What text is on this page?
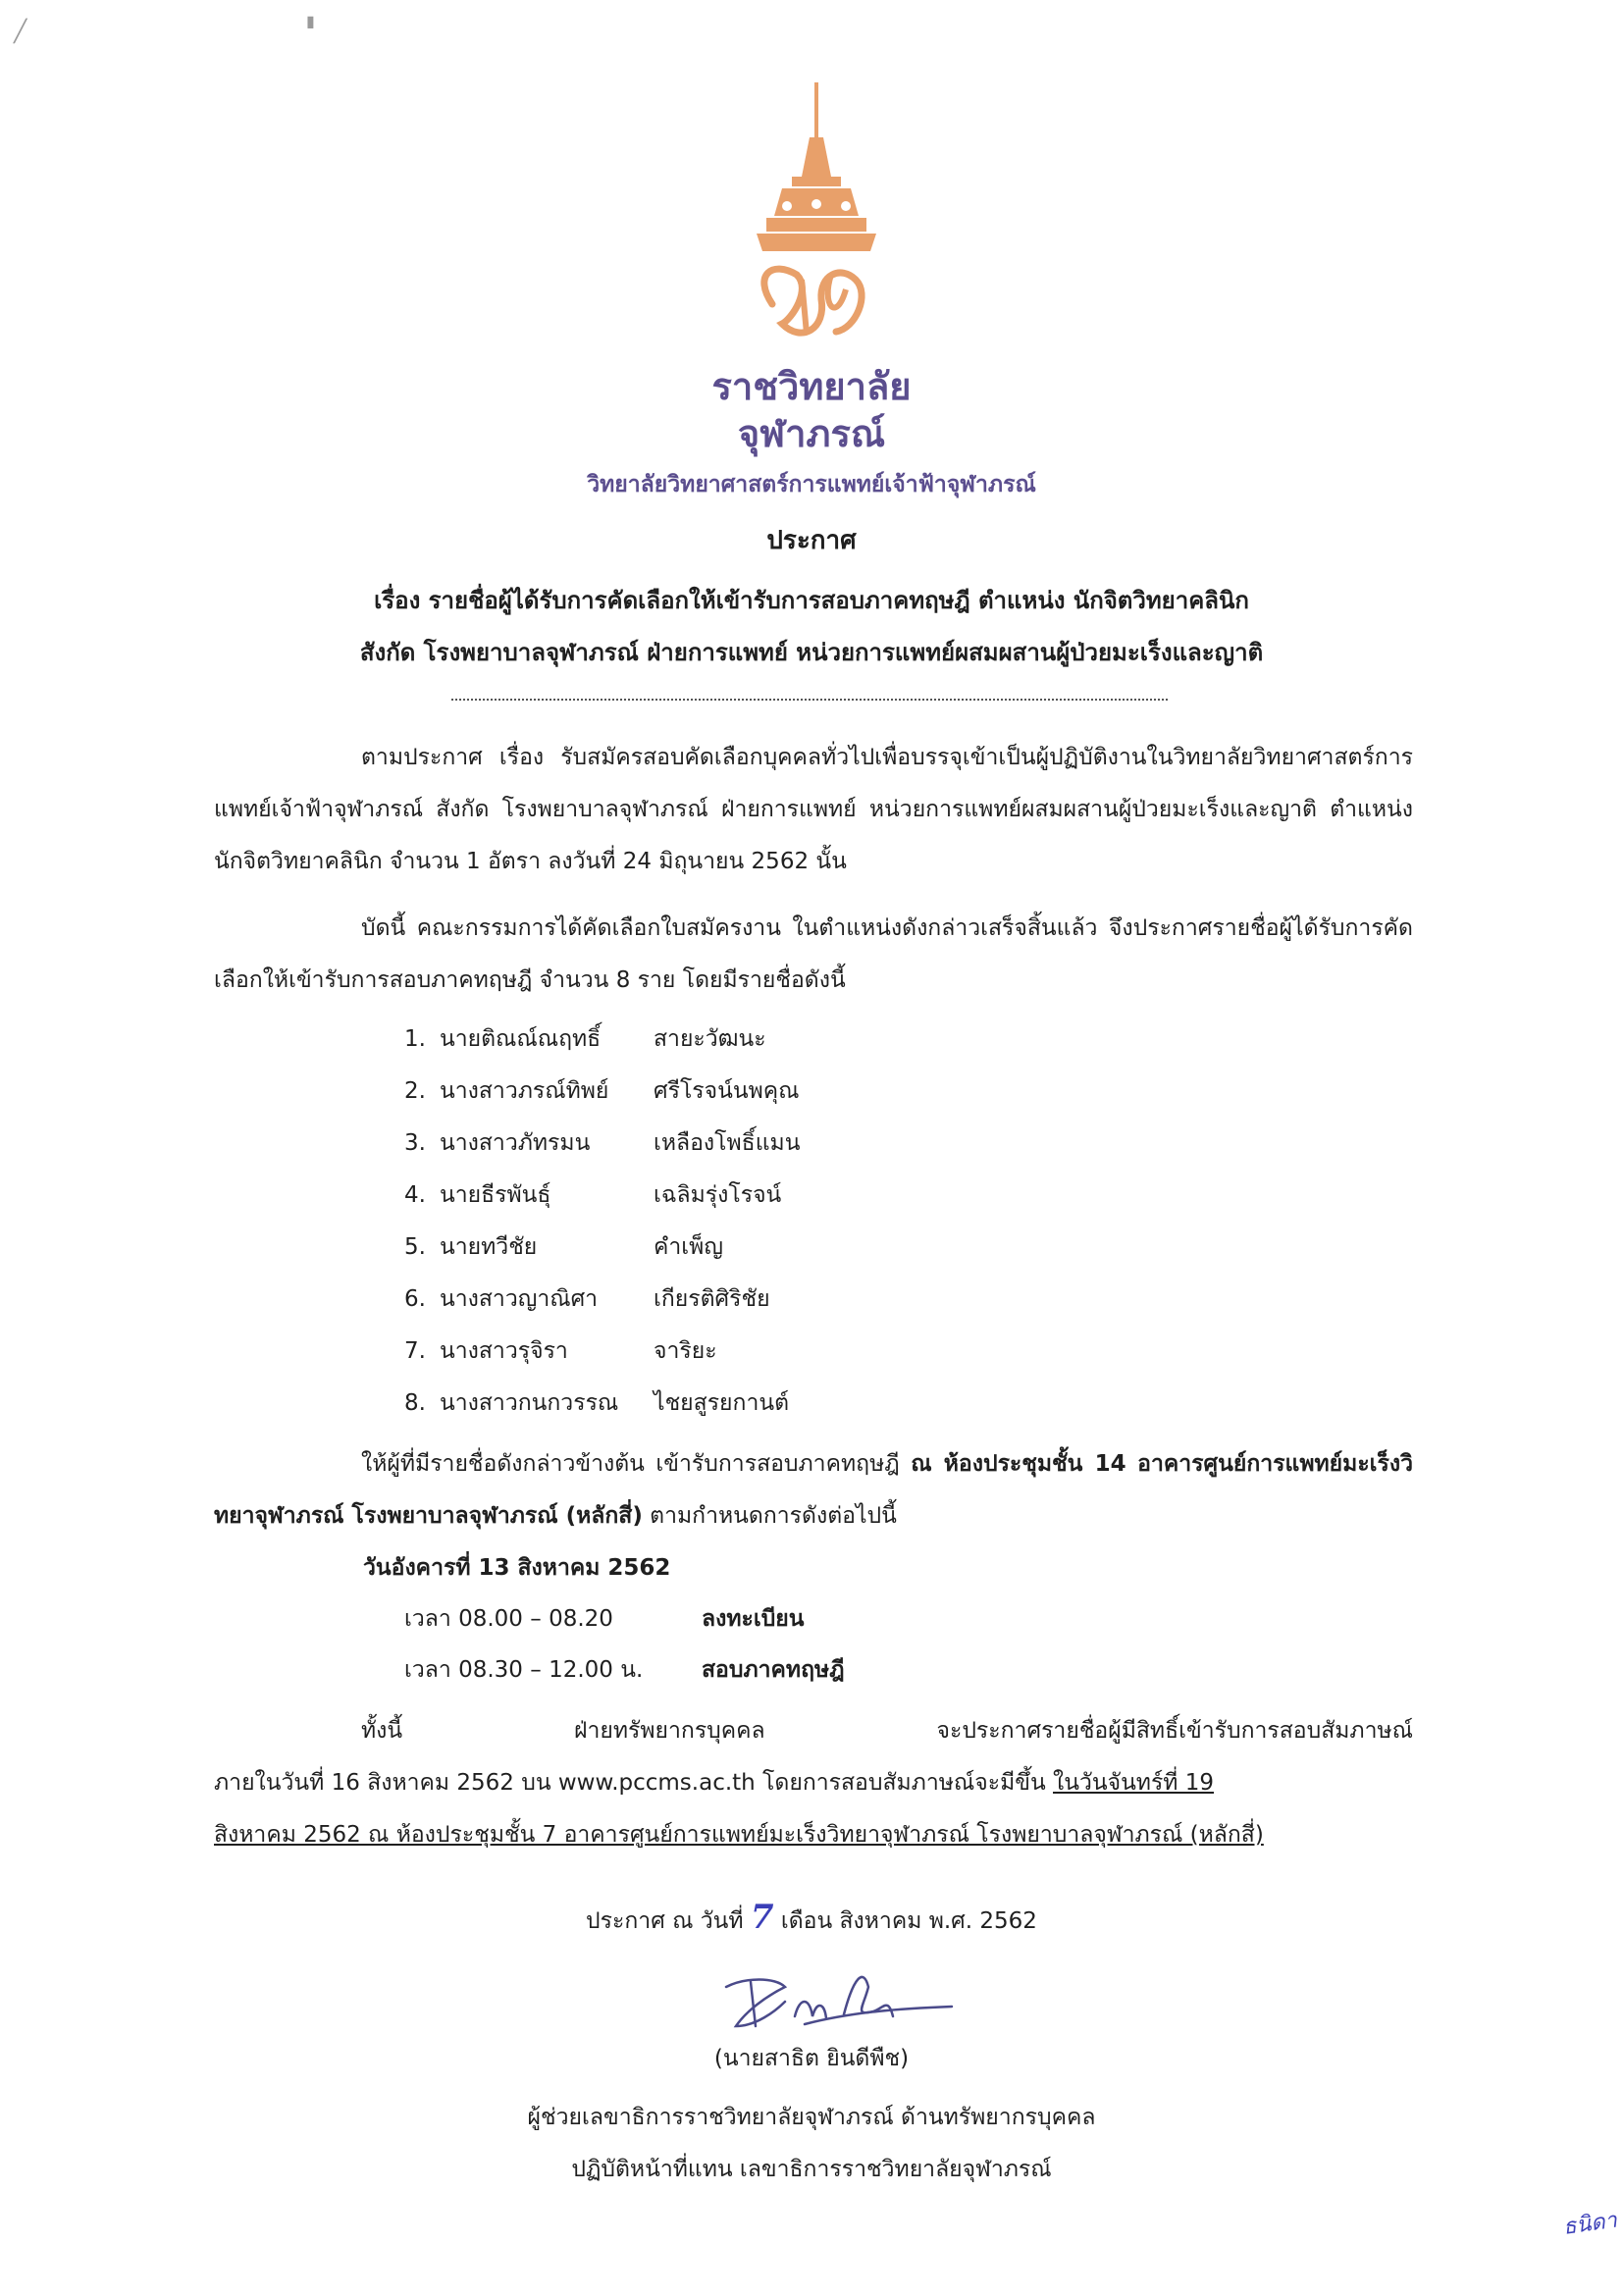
╱	▮
ราชวิทยาลัย
จุฬาภรณ์
วิทยาลัยวิทยาศาสตร์การแพทย์เจ้าฟ้าจุฬาภรณ์
ประกาศ
เรื่อง รายชื่อผู้ได้รับการคัดเลือกให้เข้ารับการสอบภาคทฤษฎี ตำแหน่ง นักจิตวิทยาคลินิก
สังกัด โรงพยาบาลจุฬาภรณ์ ฝ่ายการแพทย์ หน่วยการแพทย์ผสมผสานผู้ป่วยมะเร็งและญาติ
ตามประกาศ เรื่อง รับสมัครสอบคัดเลือกบุคคลทั่วไปเพื่อบรรจุเข้าเป็นผู้ปฏิบัติงานในวิทยาลัยวิทยาศาสตร์การแพทย์เจ้าฟ้าจุฬาภรณ์ สังกัด โรงพยาบาลจุฬาภรณ์ ฝ่ายการแพทย์ หน่วยการแพทย์ผสมผสานผู้ป่วยมะเร็งและญาติ ตำแหน่ง นักจิตวิทยาคลินิก จำนวน 1 อัตรา ลงวันที่ 24 มิถุนายน 2562 นั้น
บัดนี้ คณะกรรมการได้คัดเลือกใบสมัครงาน ในตำแหน่งดังกล่าวเสร็จสิ้นแล้ว จึงประกาศรายชื่อผู้ได้รับการคัดเลือกให้เข้ารับการสอบภาคทฤษฎี จำนวน 8 ราย โดยมีรายชื่อดังนี้
1. นายติณณ์ณฤทธิ์	สายะวัฒนะ
2. นางสาวภรณ์ทิพย์	ศรีโรจน์นพคุณ
3. นางสาวภัทรมน	เหลืองโพธิ์แมน
4. นายธีรพันธุ์	เฉลิมรุ่งโรจน์
5. นายทวีชัย	คำเพ็ญ
6. นางสาวญาณิศา	เกียรติศิริชัย
7. นางสาวรุจิรา	จาริยะ
8. นางสาวกนกวรรณ	ไชยสูรยกานต์
ให้ผู้ที่มีรายชื่อดังกล่าวข้างต้น เข้ารับการสอบภาคทฤษฎี ณ ห้องประชุมชั้น 14 อาคารศูนย์การแพทย์มะเร็งวิทยาจุฬาภรณ์ โรงพยาบาลจุฬาภรณ์ (หลักสี่) ตามกำหนดการดังต่อไปนี้
วันอังคารที่ 13 สิงหาคม 2562
เวลา 08.00 – 08.20	ลงทะเบียน
เวลา 08.30 – 12.00 น.	สอบภาคทฤษฎี
ทั้งนี้ ฝ่ายทรัพยากรบุคคล จะประกาศรายชื่อผู้มีสิทธิ์เข้ารับการสอบสัมภาษณ์
ภายในวันที่ 16 สิงหาคม 2562 บน www.pccms.ac.th โดยการสอบสัมภาษณ์จะมีขึ้น ในวันจันทร์ที่ 19
สิงหาคม 2562 ณ ห้องประชุมชั้น 7 อาคารศูนย์การแพทย์มะเร็งวิทยาจุฬาภรณ์ โรงพยาบาลจุฬาภรณ์ (หลักสี่)
ประกาศ ณ วันที่ 7 เดือน สิงหาคม พ.ศ. 2562
(นายสาธิต ยินดีพืช)
ผู้ช่วยเลขาธิการราชวิทยาลัยจุฬาภรณ์ ด้านทรัพยากรบุคคล
ปฏิบัติหน้าที่แทน เลขาธิการราชวิทยาลัยจุฬาภรณ์
ธนิดา
